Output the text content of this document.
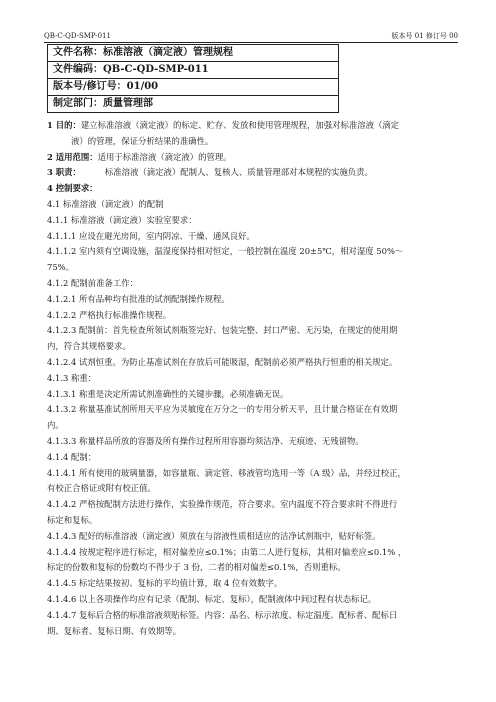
QB-C-QD-SMP-011	版本号 01 修订号 00
文件名称：标准溶液（滴定液）管理规程
文件编码：QB-C-QD-SMP-011
版本号/修订号：01/00
制定部门：质量管理部

1 目的：建立标准溶液（滴定液）的标定、贮存、发放和使用管理规程，加强对标准溶液（滴定

液）的管理，保证分析结果的准确性。

2 适用范围：适用于标准溶液（滴定液）的管理。

3 职责：	标准溶液（滴定液）配制人、复核人、质量管理部对本规程的实施负责。

4 控制要求：

4.1 标准溶液（滴定液）的配制

4.1.1 标准溶液（滴定液）实验室要求：

4.1.1.1 应设在避光房间，室内阴凉、干燥、通风良好。

4.1.1.2 室内须有空调设施，温湿度保持相对恒定，一般控制在温度 20±5℃，相对湿度 50%～

75%。

4.1.2 配制前准备工作：

4.1.2.1 所有品种均有批准的试剂配制操作规程。

4.1.2.2 严格执行标准操作规程。

4.1.2.3 配制前：首先检查所领试剂瓶签完好、包装完整、封口严密、无污染，在规定的使用期

内，符合其规格要求。

4.1.2.4 试剂恒重。为防止基准试剂在存放后可能吸湿，配制前必须严格执行恒重的相关规定。

4.1.3 称重：

4.1.3.1 称重是决定所需试剂准确性的关键步骤，必须准确无误。

4.1.3.2 称量基准试剂所用天平应为灵敏度在万分之一的专用分析天平，且计量合格证在有效期

内。

4.1.3.3 称量样品所放的容器及所有操作过程所用容器均须洁净、无痕迹、无残留物。

4.1.4 配制：

4.1.4.1 所有使用的玻璃量器，如容量瓶、滴定管、移液管均选用一等（A 级）品，并经过校正，

有校正合格证或附有校正值。

4.1.4.2 严格按配制方法进行操作，实验操作规范，符合要求。室内温度不符合要求时不得进行

标定和复标。

4.1.4.3 配好的标准溶液（滴定液）须放在与溶液性质相适应的洁净试剂瓶中，贴好标签。

4.1.4.4 按规定程序进行标定，相对偏差应≤0.1%；由第二人进行复标，其相对偏差应≤0.1% ，

标定的份数和复标的份数均不得少于 3 份，二者的相对偏差≤0.1%，否则重标。

4.1.4.5 标定结果按初、复标的平均值计算，取 4 位有效数字。

4.1.4.6 以上各项操作均应有记录（配制、标定、复标），配制液体中间过程有状态标记。

4.1.4.7 复标后合格的标准溶液须贴标签。内容：品名、标示浓度、标定温度、配标者、配标日

期、复标者、复标日期、有效期等。
